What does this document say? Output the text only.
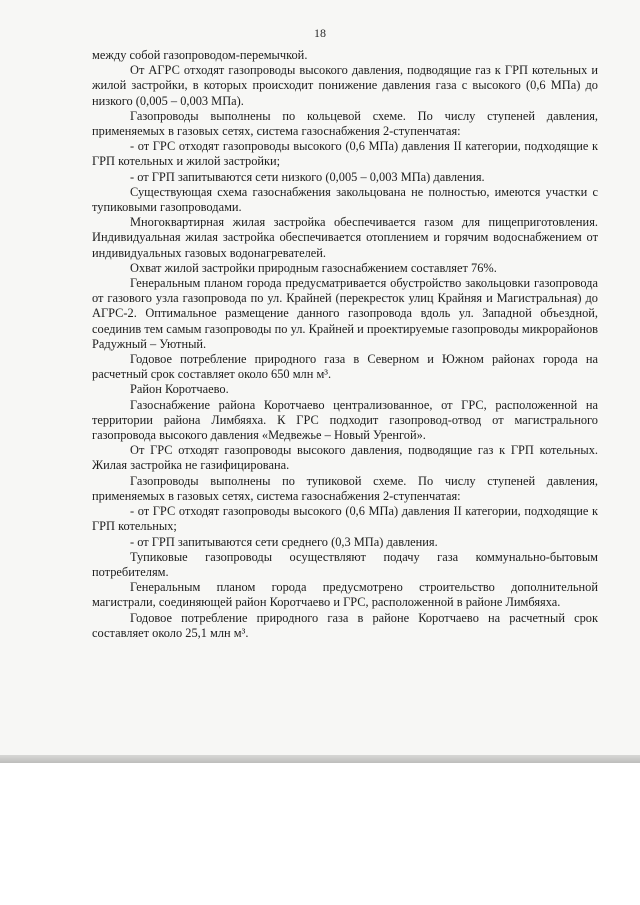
18

между собой газопроводом-перемычкой.

От АГРС отходят газопроводы высокого давления, подводящие газ к ГРП котельных и жилой застройки, в которых происходит понижение давления газа с высокого (0,6 МПа) до низкого (0,005 – 0,003 МПа).

Газопроводы выполнены по кольцевой схеме. По числу ступеней давления, применяемых в газовых сетях, система газоснабжения 2-ступенчатая:

- от ГРС отходят газопроводы высокого (0,6 МПа) давления II категории, подходящие к ГРП котельных и жилой застройки;

- от ГРП запитываются сети низкого (0,005 – 0,003 МПа) давления.

Существующая схема газоснабжения закольцована не полностью, имеются участки с тупиковыми газопроводами.

Многоквартирная жилая застройка обеспечивается газом для пищеприготовления. Индивидуальная жилая застройка обеспечивается отоплением и горячим водоснабжением от индивидуальных газовых водонагревателей.

Охват жилой застройки природным газоснабжением составляет 76%.

Генеральным планом города предусматривается обустройство закольцовки газопровода от газового узла газопровода по ул. Крайней (перекресток улиц Крайняя и Магистральная) до АГРС-2. Оптимальное размещение данного газопровода вдоль ул. Западной объездной, соединив тем самым газопроводы по ул. Крайней и проектируемые газопроводы микрорайонов Радужный – Уютный.

Годовое потребление природного газа в Северном и Южном районах города на расчетный срок составляет около 650 млн м³.

Район Коротчаево.

Газоснабжение района Коротчаево централизованное, от ГРС, расположенной на территории района Лимбяяха. К ГРС подходит газопровод-отвод от магистрального газопровода высокого давления «Медвежье – Новый Уренгой».

От ГРС отходят газопроводы высокого давления, подводящие газ к ГРП котельных. Жилая застройка не газифицирована.

Газопроводы выполнены по тупиковой схеме. По числу ступеней давления, применяемых в газовых сетях, система газоснабжения 2-ступенчатая:

- от ГРС отходят газопроводы высокого (0,6 МПа) давления II категории, подходящие к ГРП котельных;

- от ГРП запитываются сети среднего (0,3 МПа) давления.

Тупиковые газопроводы осуществляют подачу газа коммунально-бытовым потребителям.

Генеральным планом города предусмотрено строительство дополнительной магистрали, соединяющей район Коротчаево и ГРС, расположенной в районе Лимбяяха.

Годовое потребление природного газа в районе Коротчаево на расчетный срок составляет около 25,1 млн м³.
